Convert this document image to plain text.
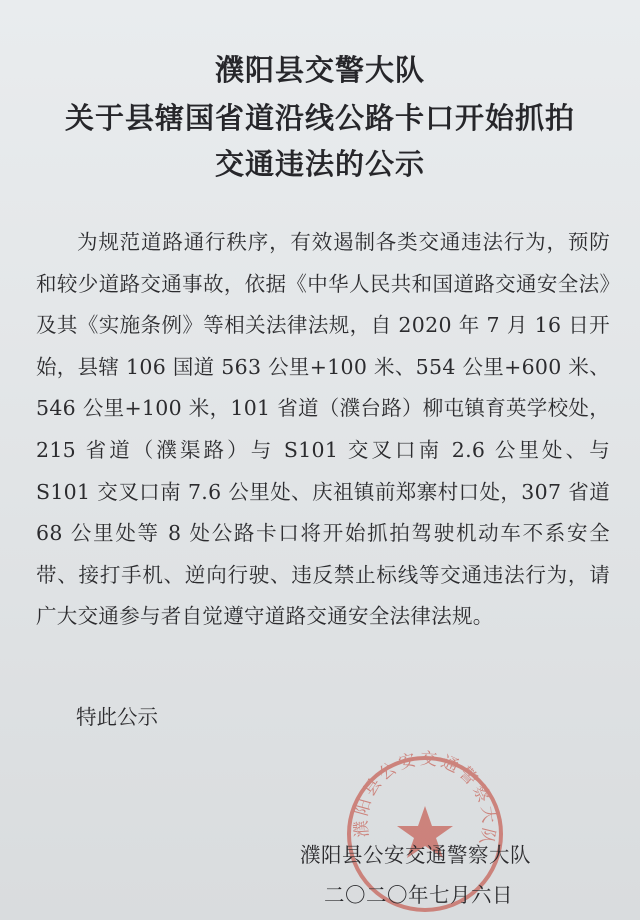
濮阳县交警大队
关于县辖国省道沿线公路卡口开始抓拍
交通违法的公示

为规范道路通行秩序，有效遏制各类交通违法行为，预防和较少道路交通事故，依据《中华人民共和国道路交通安全法》及其《实施条例》等相关法律法规，自 2020 年 7 月 16 日开始，县辖 106 国道 563 公里+100 米、554 公里+600 米、546 公里+100 米，101 省道（濮台路）柳屯镇育英学校处，215 省道（濮渠路）与 S101 交叉口南 2.6 公里处、与 S101 交叉口南 7.6 公里处、庆祖镇前郑寨村口处，307 省道 68 公里处等 8 处公路卡口将开始抓拍驾驶机动车不系安全带、接打手机、逆向行驶、违反禁止标线等交通违法行为，请广大交通参与者自觉遵守道路交通安全法律法规。

特此公示
濮阳县公安交通警察大队
濮阳县公安交通警察大队
二〇二〇年七月六日
